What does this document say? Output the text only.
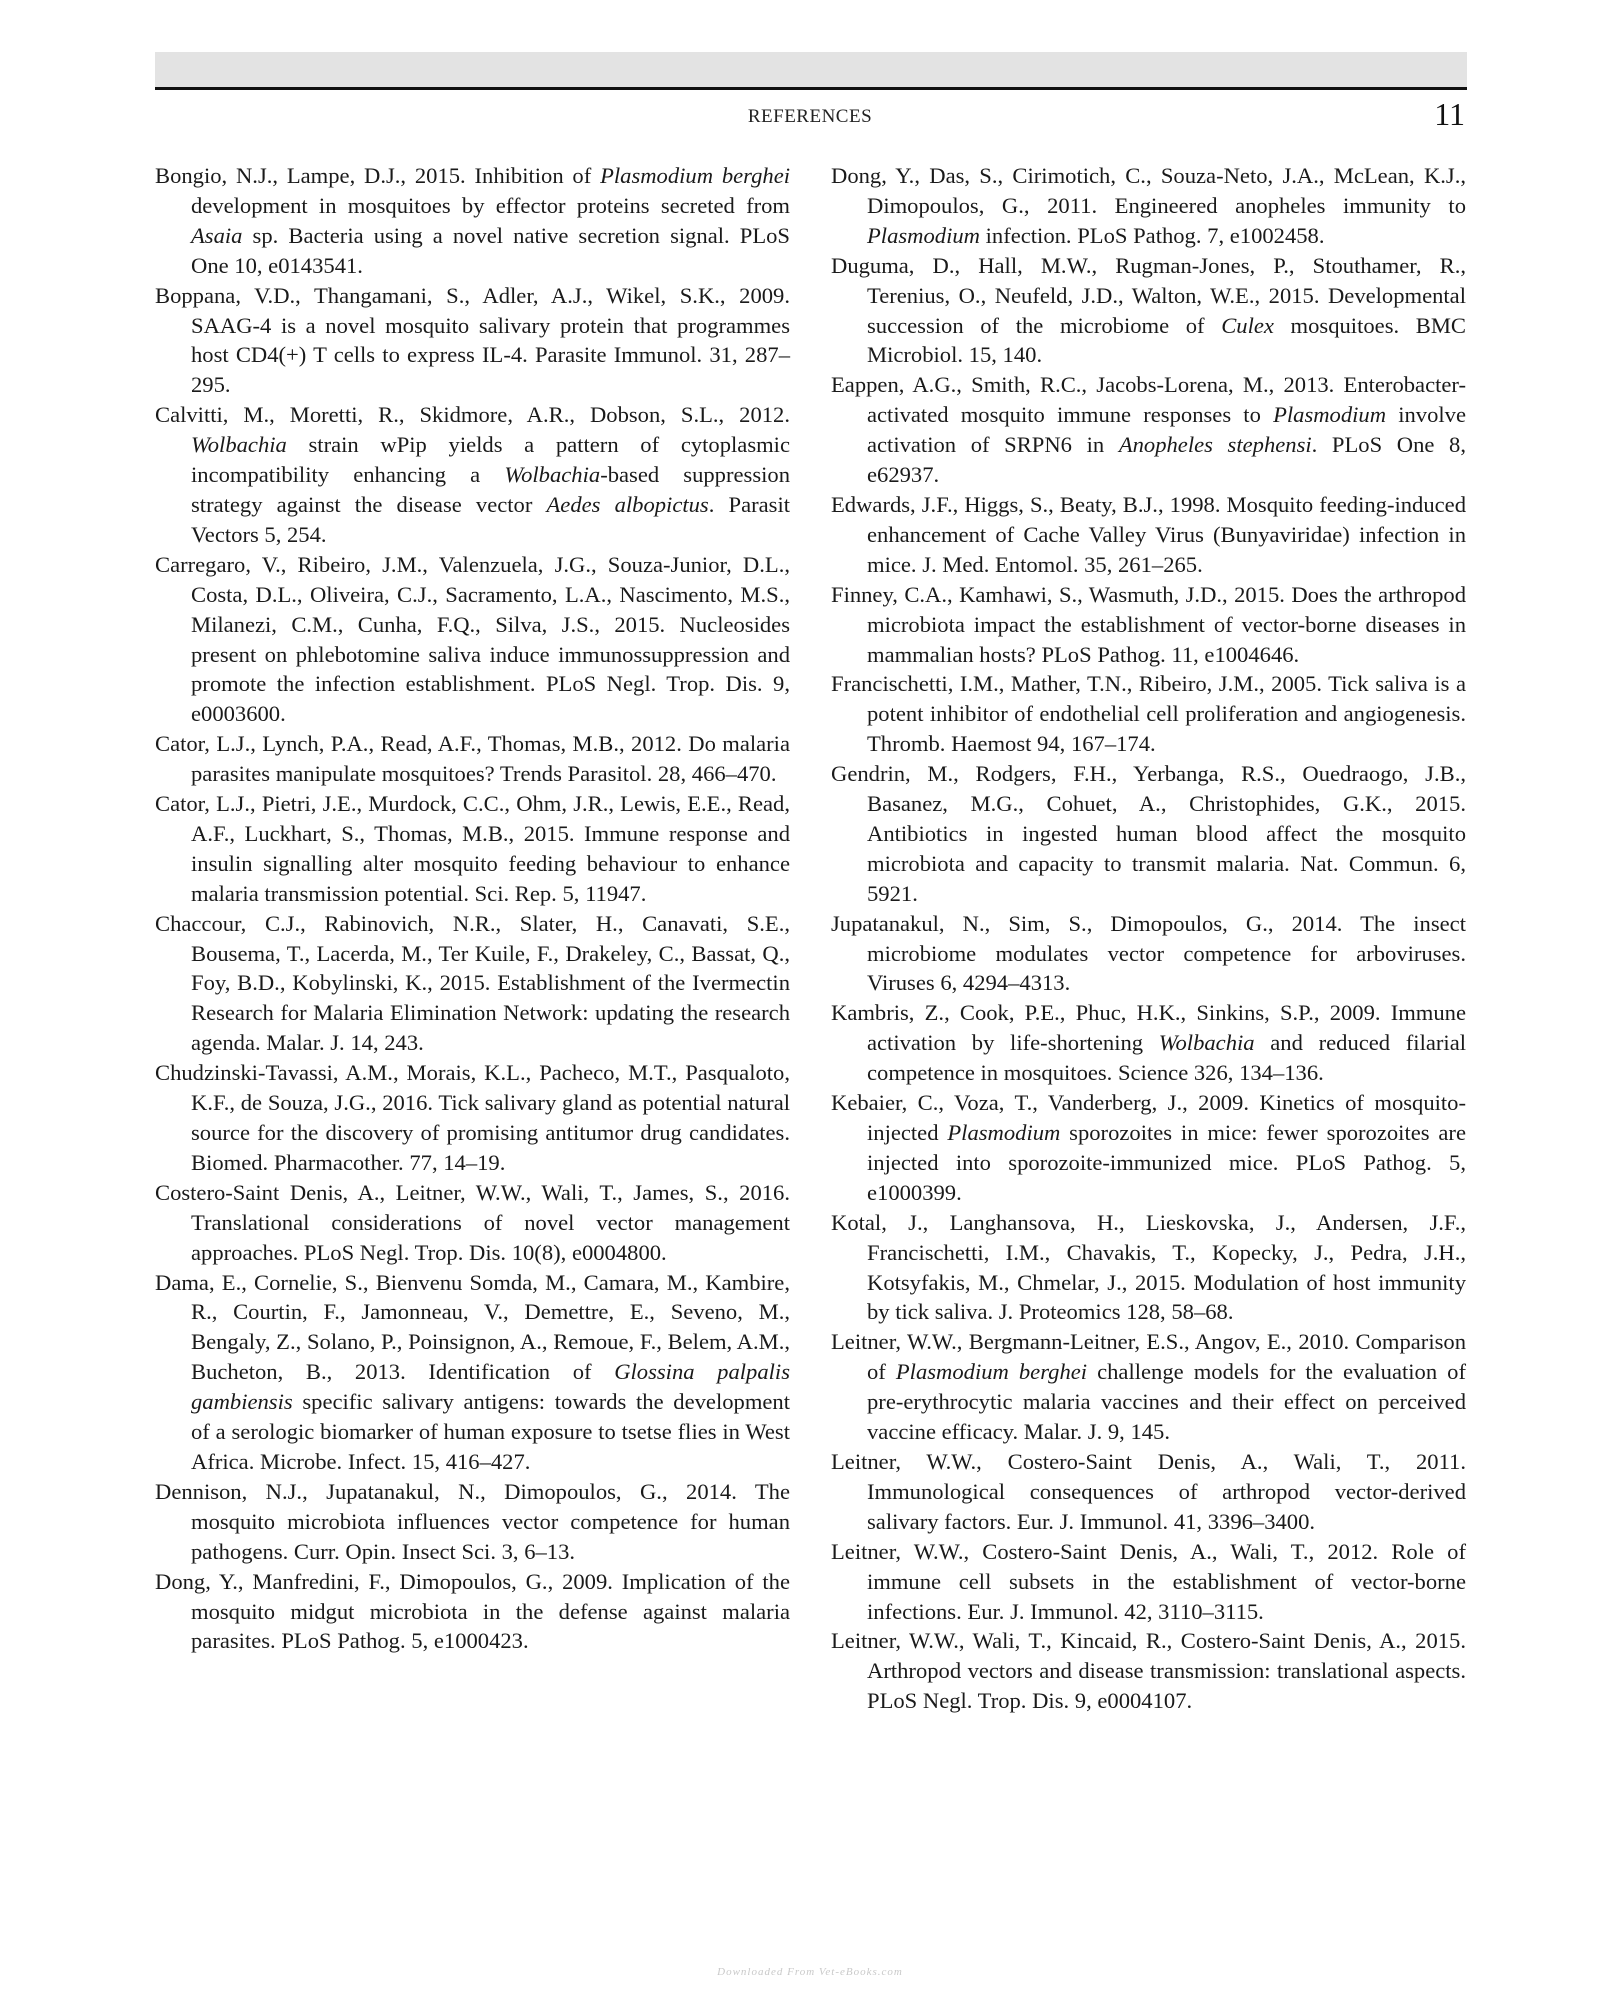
REFERENCES	11

Bongio, N.J., Lampe, D.J., 2015. Inhibition of Plasmodium berghei development in mosquitoes by effector proteins secreted from Asaia sp. Bacteria using a novel native secretion signal. PLoS One 10, e0143541.

Boppana, V.D., Thangamani, S., Adler, A.J., Wikel, S.K., 2009. SAAG-4 is a novel mosquito salivary protein that programmes host CD4(+) T cells to express IL-4. Parasite Immunol. 31, 287–295.

Calvitti, M., Moretti, R., Skidmore, A.R., Dobson, S.L., 2012. Wolbachia strain wPip yields a pattern of cytoplasmic incompatibility enhancing a Wolbachia-based suppression strategy against the disease vector Aedes albopictus. Parasit Vectors 5, 254.

Carregaro, V., Ribeiro, J.M., Valenzuela, J.G., Souza-Junior, D.L., Costa, D.L., Oliveira, C.J., Sacramento, L.A., Nascimento, M.S., Milanezi, C.M., Cunha, F.Q., Silva, J.S., 2015. Nucleosides present on phlebotomine saliva induce immunossuppression and promote the infection establishment. PLoS Negl. Trop. Dis. 9, e0003600.

Cator, L.J., Lynch, P.A., Read, A.F., Thomas, M.B., 2012. Do malaria parasites manipulate mosquitoes? Trends Parasitol. 28, 466–470.

Cator, L.J., Pietri, J.E., Murdock, C.C., Ohm, J.R., Lewis, E.E., Read, A.F., Luckhart, S., Thomas, M.B., 2015. Immune response and insulin signalling alter mosquito feeding behaviour to enhance malaria transmission potential. Sci. Rep. 5, 11947.

Chaccour, C.J., Rabinovich, N.R., Slater, H., Canavati, S.E., Bousema, T., Lacerda, M., Ter Kuile, F., Drakeley, C., Bassat, Q., Foy, B.D., Kobylinski, K., 2015. Establishment of the Ivermectin Research for Malaria Elimination Network: updating the research agenda. Malar. J. 14, 243.

Chudzinski-Tavassi, A.M., Morais, K.L., Pacheco, M.T., Pasqualoto, K.F., de Souza, J.G., 2016. Tick salivary gland as potential natural source for the discovery of promising antitumor drug candidates. Biomed. Pharmacother. 77, 14–19.

Costero-Saint Denis, A., Leitner, W.W., Wali, T., James, S., 2016. Translational considerations of novel vector management approaches. PLoS Negl. Trop. Dis. 10(8), e0004800.

Dama, E., Cornelie, S., Bienvenu Somda, M., Camara, M., Kambire, R., Courtin, F., Jamonneau, V., Demettre, E., Seveno, M., Bengaly, Z., Solano, P., Poinsignon, A., Remoue, F., Belem, A.M., Bucheton, B., 2013. Identification of Glossina palpalis gambiensis specific salivary antigens: towards the development of a serologic biomarker of human exposure to tsetse flies in West Africa. Microbe. Infect. 15, 416–427.

Dennison, N.J., Jupatanakul, N., Dimopoulos, G., 2014. The mosquito microbiota influences vector competence for human pathogens. Curr. Opin. Insect Sci. 3, 6–13.

Dong, Y., Manfredini, F., Dimopoulos, G., 2009. Implication of the mosquito midgut microbiota in the defense against malaria parasites. PLoS Pathog. 5, e1000423.

Dong, Y., Das, S., Cirimotich, C., Souza-Neto, J.A., McLean, K.J., Dimopoulos, G., 2011. Engineered anopheles immunity to Plasmodium infection. PLoS Pathog. 7, e1002458.

Duguma, D., Hall, M.W., Rugman-Jones, P., Stouthamer, R., Terenius, O., Neufeld, J.D., Walton, W.E., 2015. Developmental succession of the microbiome of Culex mosquitoes. BMC Microbiol. 15, 140.

Eappen, A.G., Smith, R.C., Jacobs-Lorena, M., 2013. Enterobacter-activated mosquito immune responses to Plasmodium involve activation of SRPN6 in Anopheles stephensi. PLoS One 8, e62937.

Edwards, J.F., Higgs, S., Beaty, B.J., 1998. Mosquito feeding-induced enhancement of Cache Valley Virus (Bunyaviridae) infection in mice. J. Med. Entomol. 35, 261–265.

Finney, C.A., Kamhawi, S., Wasmuth, J.D., 2015. Does the arthropod microbiota impact the establishment of vector-borne diseases in mammalian hosts? PLoS Pathog. 11, e1004646.

Francischetti, I.M., Mather, T.N., Ribeiro, J.M., 2005. Tick saliva is a potent inhibitor of endothelial cell proliferation and angiogenesis. Thromb. Haemost 94, 167–174.

Gendrin, M., Rodgers, F.H., Yerbanga, R.S., Ouedraogo, J.B., Basanez, M.G., Cohuet, A., Christophides, G.K., 2015. Antibiotics in ingested human blood affect the mosquito microbiota and capacity to transmit malaria. Nat. Commun. 6, 5921.

Jupatanakul, N., Sim, S., Dimopoulos, G., 2014. The insect microbiome modulates vector competence for arboviruses. Viruses 6, 4294–4313.

Kambris, Z., Cook, P.E., Phuc, H.K., Sinkins, S.P., 2009. Immune activation by life-shortening Wolbachia and reduced filarial competence in mosquitoes. Science 326, 134–136.

Kebaier, C., Voza, T., Vanderberg, J., 2009. Kinetics of mosquito-injected Plasmodium sporozoites in mice: fewer sporozoites are injected into sporozoite-immunized mice. PLoS Pathog. 5, e1000399.

Kotal, J., Langhansova, H., Lieskovska, J., Andersen, J.F., Francischetti, I.M., Chavakis, T., Kopecky, J., Pedra, J.H., Kotsyfakis, M., Chmelar, J., 2015. Modulation of host immunity by tick saliva. J. Proteomics 128, 58–68.

Leitner, W.W., Bergmann-Leitner, E.S., Angov, E., 2010. Comparison of Plasmodium berghei challenge models for the evaluation of pre-erythrocytic malaria vaccines and their effect on perceived vaccine efficacy. Malar. J. 9, 145.

Leitner, W.W., Costero-Saint Denis, A., Wali, T., 2011. Immunological consequences of arthropod vector-derived salivary factors. Eur. J. Immunol. 41, 3396–3400.

Leitner, W.W., Costero-Saint Denis, A., Wali, T., 2012. Role of immune cell subsets in the establishment of vector-borne infections. Eur. J. Immunol. 42, 3110–3115.

Leitner, W.W., Wali, T., Kincaid, R., Costero-Saint Denis, A., 2015. Arthropod vectors and disease transmission: translational aspects. PLoS Negl. Trop. Dis. 9, e0004107.

Downloaded From Vet-eBooks.com
